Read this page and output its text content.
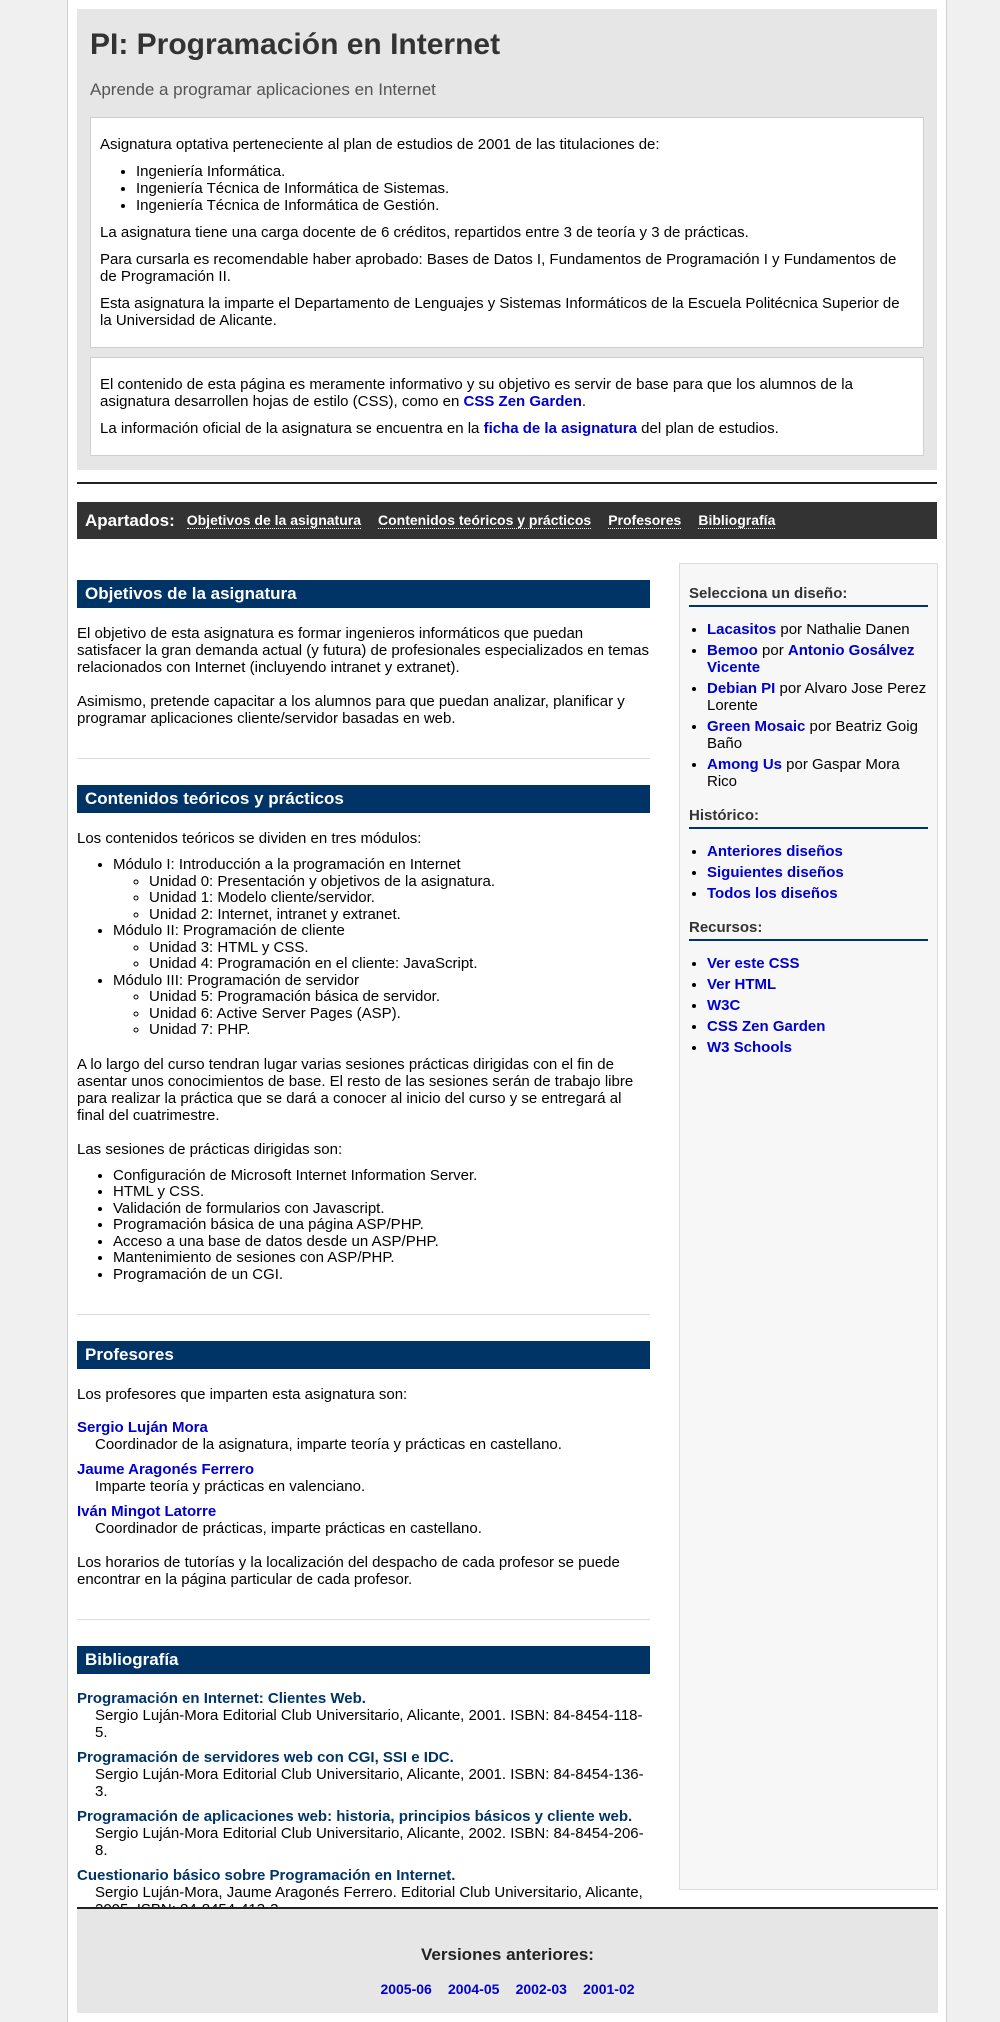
PI: Programación en Internet
Aprende a programar aplicaciones en Internet

Asignatura optativa perteneciente al plan de estudios de 2001 de las titulaciones de:

• Ingeniería Informática.
• Ingeniería Técnica de Informática de Sistemas.
• Ingeniería Técnica de Informática de Gestión.

La asignatura tiene una carga docente de 6 créditos, repartidos entre 3 de teoría y 3 de prácticas.

Para cursarla es recomendable haber aprobado: Bases de Datos I, Fundamentos de Programación I y Fundamentos de de Programación II.

Esta asignatura la imparte el Departamento de Lenguajes y Sistemas Informáticos de la Escuela Politécnica Superior de la Universidad de Alicante.

El contenido de esta página es meramente informativo y su objetivo es servir de base para que los alumnos de la asignatura desarrollen hojas de estilo (CSS), como en CSS Zen Garden.

La información oficial de la asignatura se encuentra en la ficha de la asignatura del plan de estudios.

Apartados: Objetivos de la asignatura Contenidos teóricos y prácticos Profesores Bibliografía
Objetivos de la asignatura

El objetivo de esta asignatura es formar ingenieros informáticos que puedan satisfacer la gran demanda actual (y futura) de profesionales especializados en temas relacionados con Internet (incluyendo intranet y extranet).

Asimismo, pretende capacitar a los alumnos para que puedan analizar, planificar y programar aplicaciones cliente/servidor basadas en web.

Contenidos teóricos y prácticos

Los contenidos teóricos se dividen en tres módulos:

• Módulo I: Introducción a la programación en Internet
◦ Unidad 0: Presentación y objetivos de la asignatura.
◦ Unidad 1: Modelo cliente/servidor.
◦ Unidad 2: Internet, intranet y extranet.
• Módulo II: Programación de cliente
◦ Unidad 3: HTML y CSS.
◦ Unidad 4: Programación en el cliente: JavaScript.
• Módulo III: Programación de servidor
◦ Unidad 5: Programación básica de servidor.
◦ Unidad 6: Active Server Pages (ASP).
◦ Unidad 7: PHP.

A lo largo del curso tendran lugar varias sesiones prácticas dirigidas con el fin de asentar unos conocimientos de base. El resto de las sesiones serán de trabajo libre para realizar la práctica que se dará a conocer al inicio del curso y se entregará al final del cuatrimestre.

Las sesiones de prácticas dirigidas son:

• Configuración de Microsoft Internet Information Server.
• HTML y CSS.
• Validación de formularios con Javascript.
• Programación básica de una página ASP/PHP.
• Acceso a una base de datos desde un ASP/PHP.
• Mantenimiento de sesiones con ASP/PHP.
• Programación de un CGI.
Profesores

Los profesores que imparten esta asignatura son:

Sergio Luján Mora
Coordinador de la asignatura, imparte teoría y prácticas en castellano.
Jaume Aragonés Ferrero
Imparte teoría y prácticas en valenciano.
Iván Mingot Latorre
Coordinador de prácticas, imparte prácticas en castellano.

Los horarios de tutorías y la localización del despacho de cada profesor se puede encontrar en la página particular de cada profesor.

Bibliografía
Programación en Internet: Clientes Web.
Sergio Luján-Mora Editorial Club Universitario, Alicante, 2001. ISBN: 84-8454-118-5.
Programación de servidores web con CGI, SSI e IDC.
Sergio Luján-Mora Editorial Club Universitario, Alicante, 2001. ISBN: 84-8454-136-3.
Programación de aplicaciones web: historia, principios básicos y cliente web.
Sergio Luján-Mora Editorial Club Universitario, Alicante, 2002. ISBN: 84-8454-206-8.
Cuestionario básico sobre Programación en Internet.
Sergio Luján-Mora, Jaume Aragonés Ferrero. Editorial Club Universitario, Alicante,
Selecciona un diseño:
• Lacasitos por Nathalie Danen
• Bemoo por Antonio Gosálvez Vicente
• Debian PI por Alvaro Jose Perez Lorente
• Green Mosaic por Beatriz Goig Baño
• Among Us por Gaspar Mora Rico
Histórico:
• Anteriores diseños
• Siguientes diseños
• Todos los diseños
Recursos:
• Ver este CSS
• Ver HTML
• W3C
• CSS Zen Garden
• W3 Schools
Versiones anteriores:
2005-06 2004-05 2002-03 2001-02
